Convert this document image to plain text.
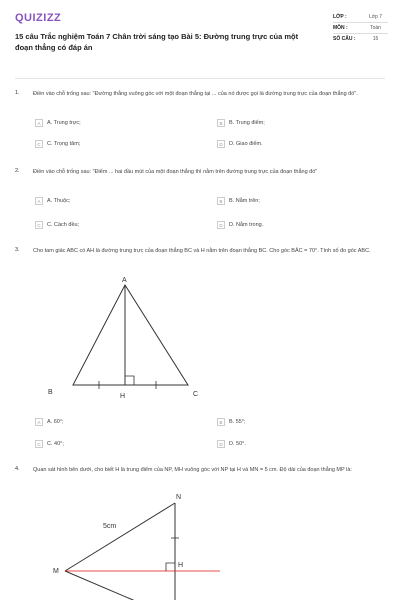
QUIZIZZ
15 câu Trắc nghiệm Toán 7 Chân trời sáng tạo Bài 5: Đường trung trực của một đoạn thẳng có đáp án
LỚP :	Lớp 7
MÔN :	Toán
SỐ CÂU :	15
1. Điền vào chỗ trống sau: "Đường thẳng vuông góc với một đoạn thẳng tại ... của nó được gọi là đường trung trực của đoạn thẳng đó".
A	A. Trung trực;	B	B. Trung điểm;
C	C. Trọng tâm;	D	D. Giao điểm.
2. Điền vào chỗ trống sau: "Điểm ... hai đầu mút của một đoạn thẳng thì nằm trên đường trung trực của đoạn thẳng đó"
A	A. Thuộc;	B	B. Nằm trên;
C	C. Cách đều;	D	D. Nằm trong.
3. Cho tam giác ABC có AH là đường trung trực của đoạn thẳng BC và H nằm trên đoạn thẳng BC. Cho góc BÂC = 70°. Tính số đo góc ABC.
A
B	C
H
A	A. 60°;	B	B. 55°;
C	C. 40°;	D	D. 50°.
4. Quan sát hình bên dưới, cho biết H là trung điểm của NP, MH vuông góc với NP tại H và MN = 5 cm. Độ dài của đoạn thẳng MP là:
N
M
H
5cm
